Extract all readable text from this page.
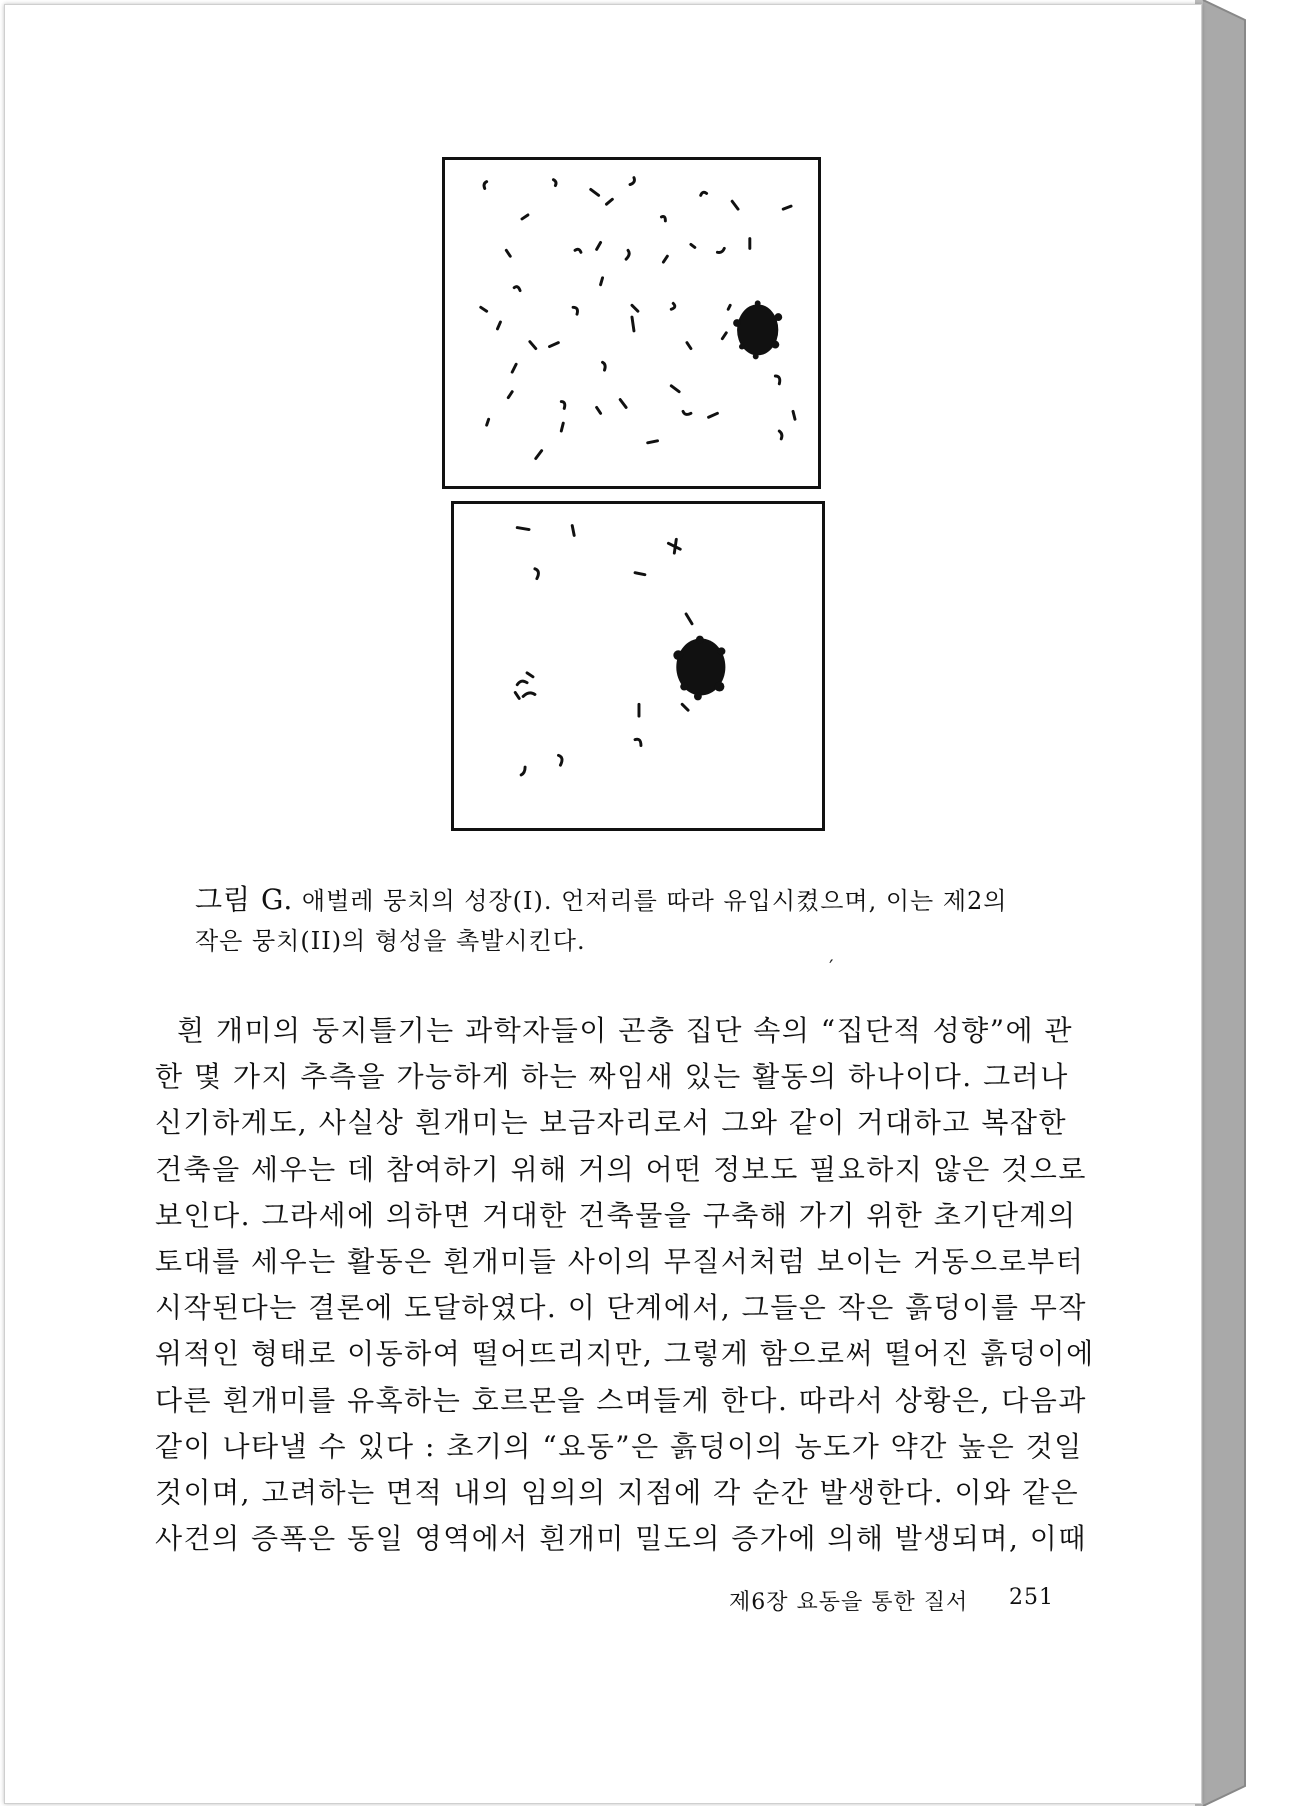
그림 G. 애벌레 뭉치의 성장(I). 언저리를 따라 유입시켰으며, 이는 제2의
작은 뭉치(II)의 형성을 촉발시킨다.
′
흰 개미의 둥지틀기는 과학자들이 곤충 집단 속의 “집단적 성향”에 관
한 몇 가지 추측을 가능하게 하는 짜임새 있는 활동의 하나이다. 그러나
신기하게도, 사실상 흰개미는 보금자리로서 그와 같이 거대하고 복잡한
건축을 세우는 데 참여하기 위해 거의 어떤 정보도 필요하지 않은 것으로
보인다. 그라세에 의하면 거대한 건축물을 구축해 가기 위한 초기단계의
토대를 세우는 활동은 흰개미들 사이의 무질서처럼 보이는 거동으로부터
시작된다는 결론에 도달하였다. 이 단계에서, 그들은 작은 흙덩이를 무작
위적인 형태로 이동하여 떨어뜨리지만, 그렇게 함으로써 떨어진 흙덩이에
다른 흰개미를 유혹하는 호르몬을 스며들게 한다. 따라서 상황은, 다음과
같이 나타낼 수 있다 : 초기의 “요동”은 흙덩이의 농도가 약간 높은 것일
것이며, 고려하는 면적 내의 임의의 지점에 각 순간 발생한다. 이와 같은
사건의 증폭은 동일 영역에서 흰개미 밀도의 증가에 의해 발생되며, 이때
제6장 요동을 통한 질서 251
